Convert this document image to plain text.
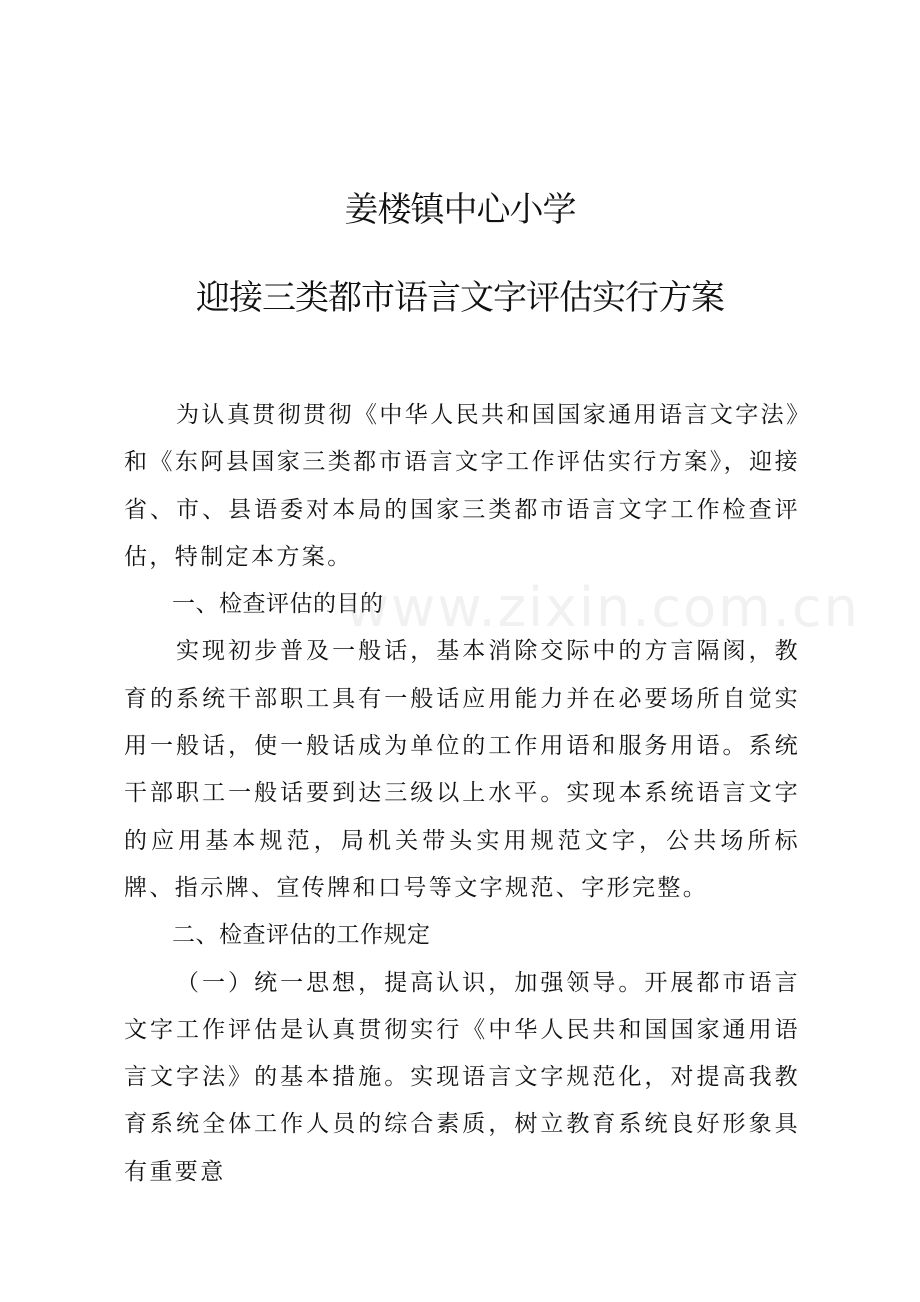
姜楼镇中心小学
迎接三类都市语言文字评估实行方案

为认真贯彻贯彻《中华人民共和国国家通用语言文字法》和《东阿县国家三类都市语言文字工作评估实行方案》，迎接省、市、县语委对本局的国家三类都市语言文字工作检查评估，特制定本方案。

一、检查评估的目的

实现初步普及一般话，基本消除交际中的方言隔阂，教育的系统干部职工具有一般话应用能力并在必要场所自觉实用一般话，使一般话成为单位的工作用语和服务用语。系统干部职工一般话要到达三级以上水平。实现本系统语言文字的应用基本规范，局机关带头实用规范文字，公共场所标牌、指示牌、宣传牌和口号等文字规范、字形完整。

二、检查评估的工作规定

（一）统一思想，提高认识，加强领导。开展都市语言文字工作评估是认真贯彻实行《中华人民共和国国家通用语言文字法》的基本措施。实现语言文字规范化，对提高我教育系统全体工作人员的综合素质，树立教育系统良好形象具有重要意

www.zixin.com.cn
